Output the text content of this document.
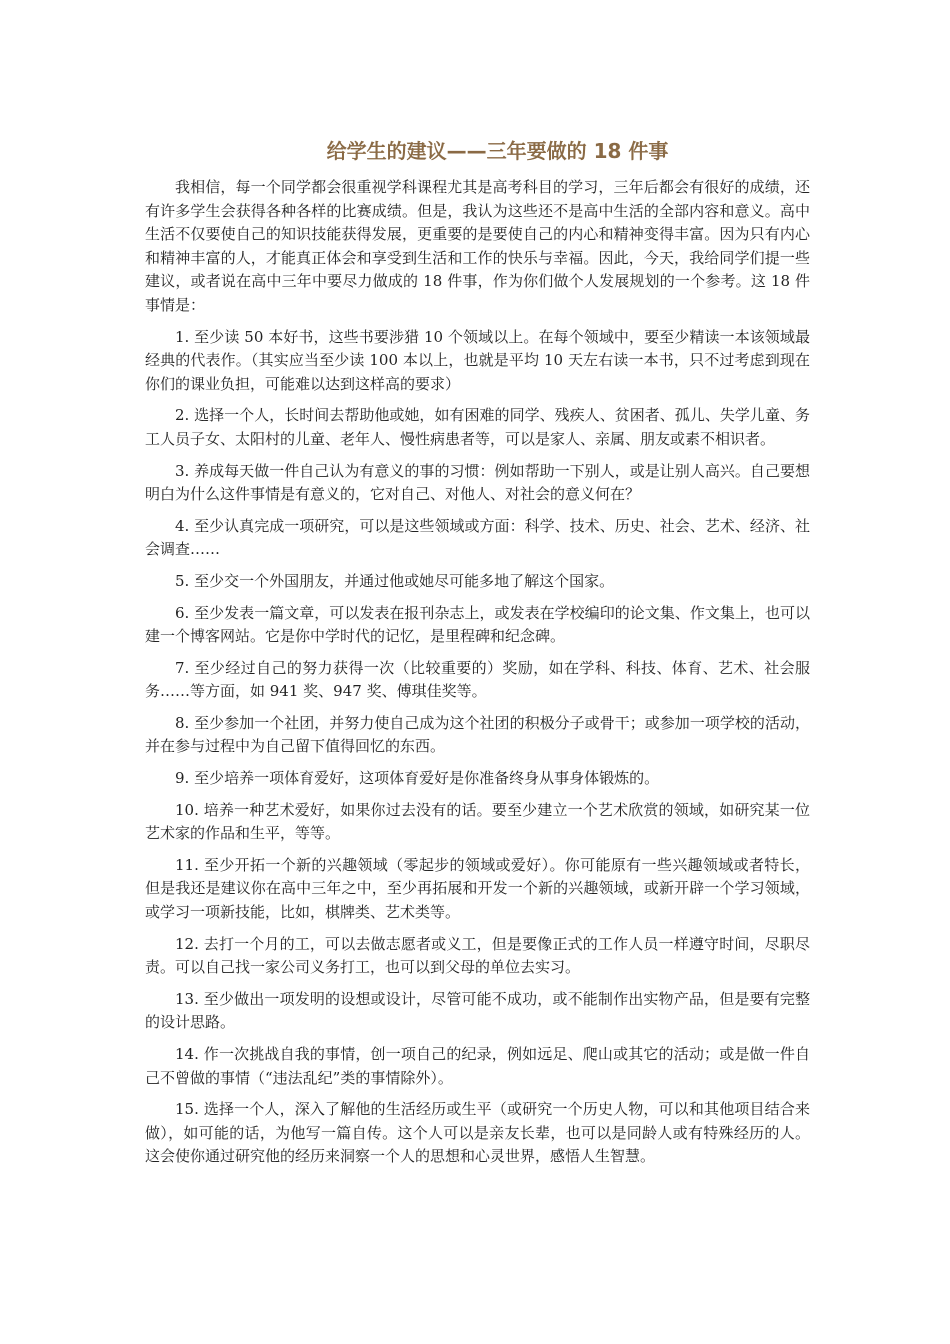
给学生的建议——三年要做的 18 件事

我相信，每一个同学都会很重视学科课程尤其是高考科目的学习，三年后都会有很好的成绩，还有许多学生会获得各种各样的比赛成绩。但是，我认为这些还不是高中生活的全部内容和意义。高中生活不仅要使自己的知识技能获得发展，更重要的是要使自己的内心和精神变得丰富。因为只有内心和精神丰富的人，才能真正体会和享受到生活和工作的快乐与幸福。因此，今天，我给同学们提一些建议，或者说在高中三年中要尽力做成的 18 件事，作为你们做个人发展规划的一个参考。这 18 件事情是：

1. 至少读 50 本好书，这些书要涉猎 10 个领域以上。在每个领域中，要至少精读一本该领域最经典的代表作。（其实应当至少读 100 本以上，也就是平均 10 天左右读一本书，只不过考虑到现在你们的课业负担，可能难以达到这样高的要求）

2. 选择一个人，长时间去帮助他或她，如有困难的同学、残疾人、贫困者、孤儿、失学儿童、务工人员子女、太阳村的儿童、老年人、慢性病患者等，可以是家人、亲属、朋友或素不相识者。

3. 养成每天做一件自己认为有意义的事的习惯：例如帮助一下别人，或是让别人高兴。自己要想明白为什么这件事情是有意义的，它对自己、对他人、对社会的意义何在？

4. 至少认真完成一项研究，可以是这些领域或方面：科学、技术、历史、社会、艺术、经济、社会调查……

5. 至少交一个外国朋友，并通过他或她尽可能多地了解这个国家。

6. 至少发表一篇文章，可以发表在报刊杂志上，或发表在学校编印的论文集、作文集上，也可以建一个博客网站。它是你中学时代的记忆，是里程碑和纪念碑。

7. 至少经过自己的努力获得一次（比较重要的）奖励，如在学科、科技、体育、艺术、社会服务……等方面，如 941 奖、947 奖、傅琪佳奖等。

8. 至少参加一个社团，并努力使自己成为这个社团的积极分子或骨干；或参加一项学校的活动，并在参与过程中为自己留下值得回忆的东西。

9. 至少培养一项体育爱好，这项体育爱好是你准备终身从事身体锻炼的。

10. 培养一种艺术爱好，如果你过去没有的话。要至少建立一个艺术欣赏的领域，如研究某一位艺术家的作品和生平，等等。

11. 至少开拓一个新的兴趣领域（零起步的领域或爱好）。你可能原有一些兴趣领域或者特长，但是我还是建议你在高中三年之中，至少再拓展和开发一个新的兴趣领域，或新开辟一个学习领域，或学习一项新技能，比如，棋牌类、艺术类等。

12. 去打一个月的工，可以去做志愿者或义工，但是要像正式的工作人员一样遵守时间，尽职尽责。可以自己找一家公司义务打工，也可以到父母的单位去实习。

13. 至少做出一项发明的设想或设计，尽管可能不成功，或不能制作出实物产品，但是要有完整的设计思路。

14. 作一次挑战自我的事情，创一项自己的纪录，例如远足、爬山或其它的活动；或是做一件自己不曾做的事情（“违法乱纪”类的事情除外）。

15. 选择一个人，深入了解他的生活经历或生平（或研究一个历史人物，可以和其他项目结合来做），如可能的话，为他写一篇自传。这个人可以是亲友长辈，也可以是同龄人或有特殊经历的人。这会使你通过研究他的经历来洞察一个人的思想和心灵世界，感悟人生智慧。
